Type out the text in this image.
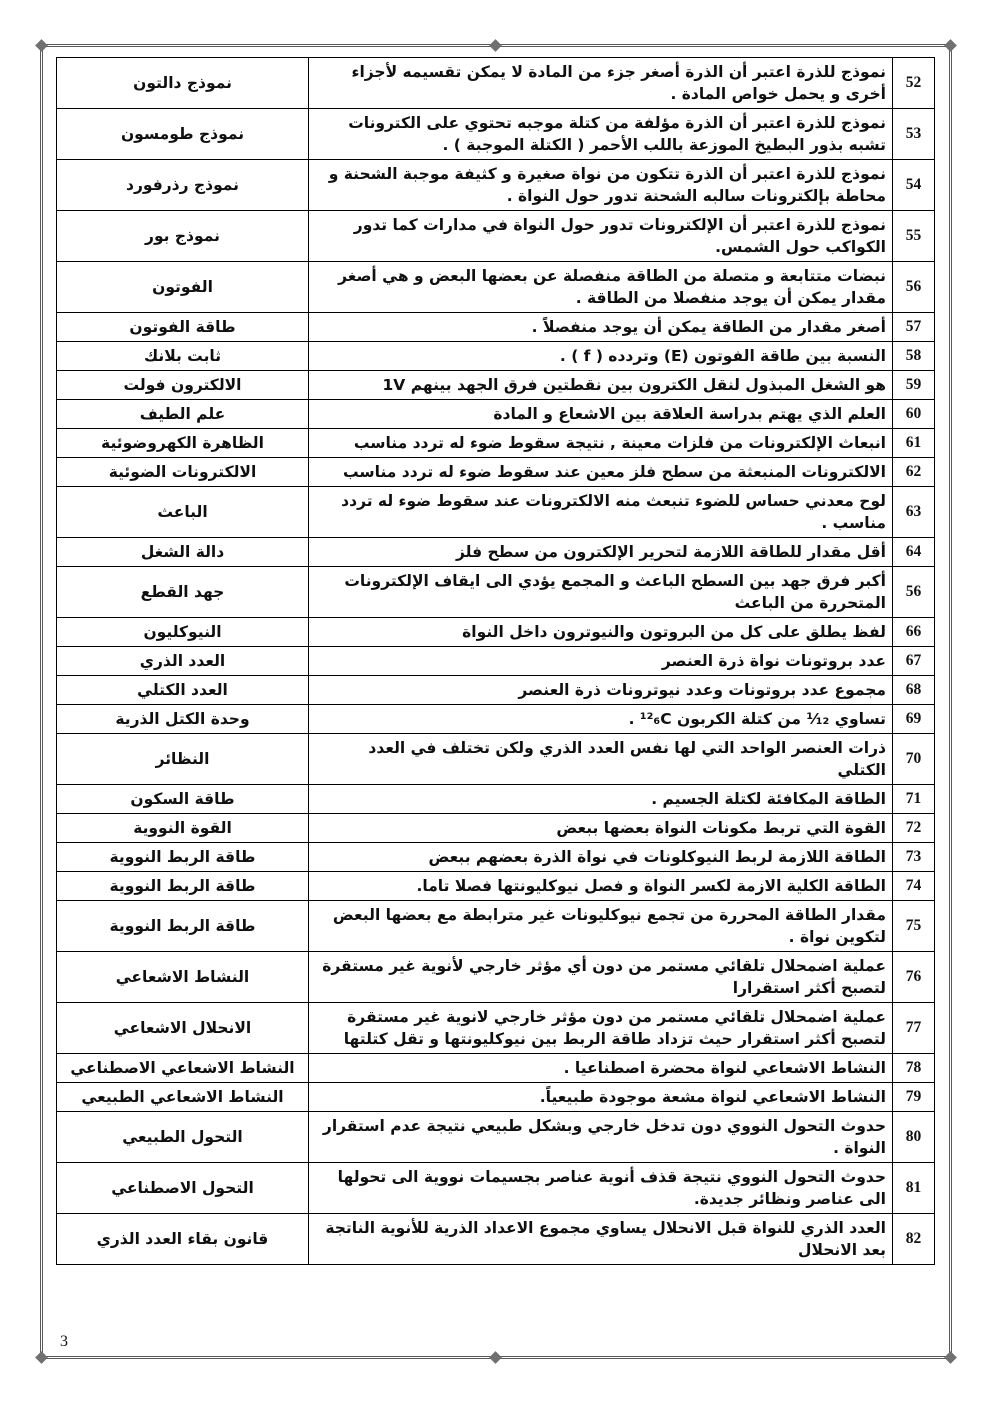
52	نموذج للذرة اعتبر أن الذرة أصغر جزء من المادة لا يمكن تقسيمه لأجزاء أخرى و يحمل خواص المادة .	نموذج دالتون
53	نموذج للذرة اعتبر أن الذرة مؤلفة من كتلة موجبه تحتوي على الكترونات تشبه بذور البطيخ الموزعة باللب الأحمر ( الكتلة الموجبة ) .	نموذج طومسون
54	نموذج للذرة اعتبر أن الذرة تتكون من نواة صغيرة و كثيفة موجبة الشحنة و محاطة بإلكترونات سالبه الشحنة تدور حول النواة .	نموذج رذرفورد
55	نموذج للذرة اعتبر أن الإلكترونات تدور حول النواة في مدارات كما تدور الكواكب حول الشمس.	نموذج بور
56	نبضات متتابعة و متصلة من الطاقة منفصلة عن بعضها البعض و هي أصغر مقدار يمكن أن يوجد منفصلا من الطاقة .	الفوتون
57	أصغر مقدار من الطاقة يمكن أن يوجد منفصلاً .	طاقة الفوتون
58	النسبة بين طاقة الفوتون (E) وتردده ( f ) .	ثابت بلانك
59	هو الشغل المبذول لنقل الكترون بين نقطتين فرق الجهد بينهم 1V	الالكترون فولت
60	العلم الذي يهتم بدراسة العلاقة بين الاشعاع و المادة	علم الطيف
61	انبعاث الإلكترونات من فلزات معينة , نتيجة سقوط ضوء له تردد مناسب	الظاهرة الكهروضوئية
62	الالكترونات المنبعثة من سطح فلز معين عند سقوط ضوء له تردد مناسب	الالكترونات الضوئية
63	لوح معدني حساس للضوء تنبعث منه الالكترونات عند سقوط ضوء له تردد مناسب .	الباعث
64	أقل مقدار للطاقة اللازمة لتحرير الإلكترون من سطح فلز	دالة الشغل
56	أكبر فرق جهد بين السطح الباعث و المجمع يؤدي الى ايقاف الإلكترونات المتحررة من الباعث	جهد القطع
66	لفظ يطلق على كل من البروتون والنيوترون داخل النواة	النيوكليون
67	عدد بروتونات نواة ذرة العنصر	العدد الذري
68	مجموع عدد بروتونات وعدد نيوترونات ذرة العنصر	العدد الكتلي
69	تساوي ¹⁄₁₂ من كتلة الكربون ¹²₆C .	وحدة الكتل الذرية
70	ذرات العنصر الواحد التي لها نفس العدد الذري ولكن تختلف في العدد الكتلي	النظائر
71	الطاقة المكافئة لكتلة الجسيم .	طاقة السكون
72	القوة التي تربط مكونات النواة بعضها ببعض	القوة النووية
73	الطاقة اللازمة لربط النيوكلونات في نواة الذرة بعضهم ببعض	طاقة الربط النووية
74	الطاقة الكلية الازمة لكسر النواة و فصل نيوكليونتها فصلا تاما.	طاقة الربط النووية
75	مقدار الطاقة المحررة من تجمع نيوكليونات غير مترابطة مع بعضها البعض لتكوين نواة .	طاقة الربط النووية
76	عملية اضمحلال تلقائي مستمر من دون أي مؤثر خارجي لأنوية غير مستقرة لتصبح أكثر استقرارا	النشاط الاشعاعي
77	عملية اضمحلال تلقائي مستمر من دون مؤثر خارجي لانوية غير مستقرة لتصبح أكثر استقرار حيث تزداد طاقة الربط بين نيوكليونتها و تقل كتلتها	الانحلال الاشعاعي
78	النشاط الاشعاعي لنواة محضرة اصطناعيا .	النشاط الاشعاعي الاصطناعي
79	النشاط الاشعاعي لنواة مشعة موجودة طبيعياً.	النشاط الاشعاعي الطبيعي
80	حدوث التحول النووي دون تدخل خارجي وبشكل طبيعي نتيجة عدم استقرار النواة .	التحول الطبيعي
81	حدوث التحول النووي نتيجة قذف أنوية عناصر بجسيمات نووية الى تحولها الى عناصر ونظائر جديدة.	التحول الاصطناعي
82	العدد الذري للنواة قبل الانحلال يساوي مجموع الاعداد الذرية للأنوية الناتجة بعد الانحلال	قانون بقاء العدد الذري
3
